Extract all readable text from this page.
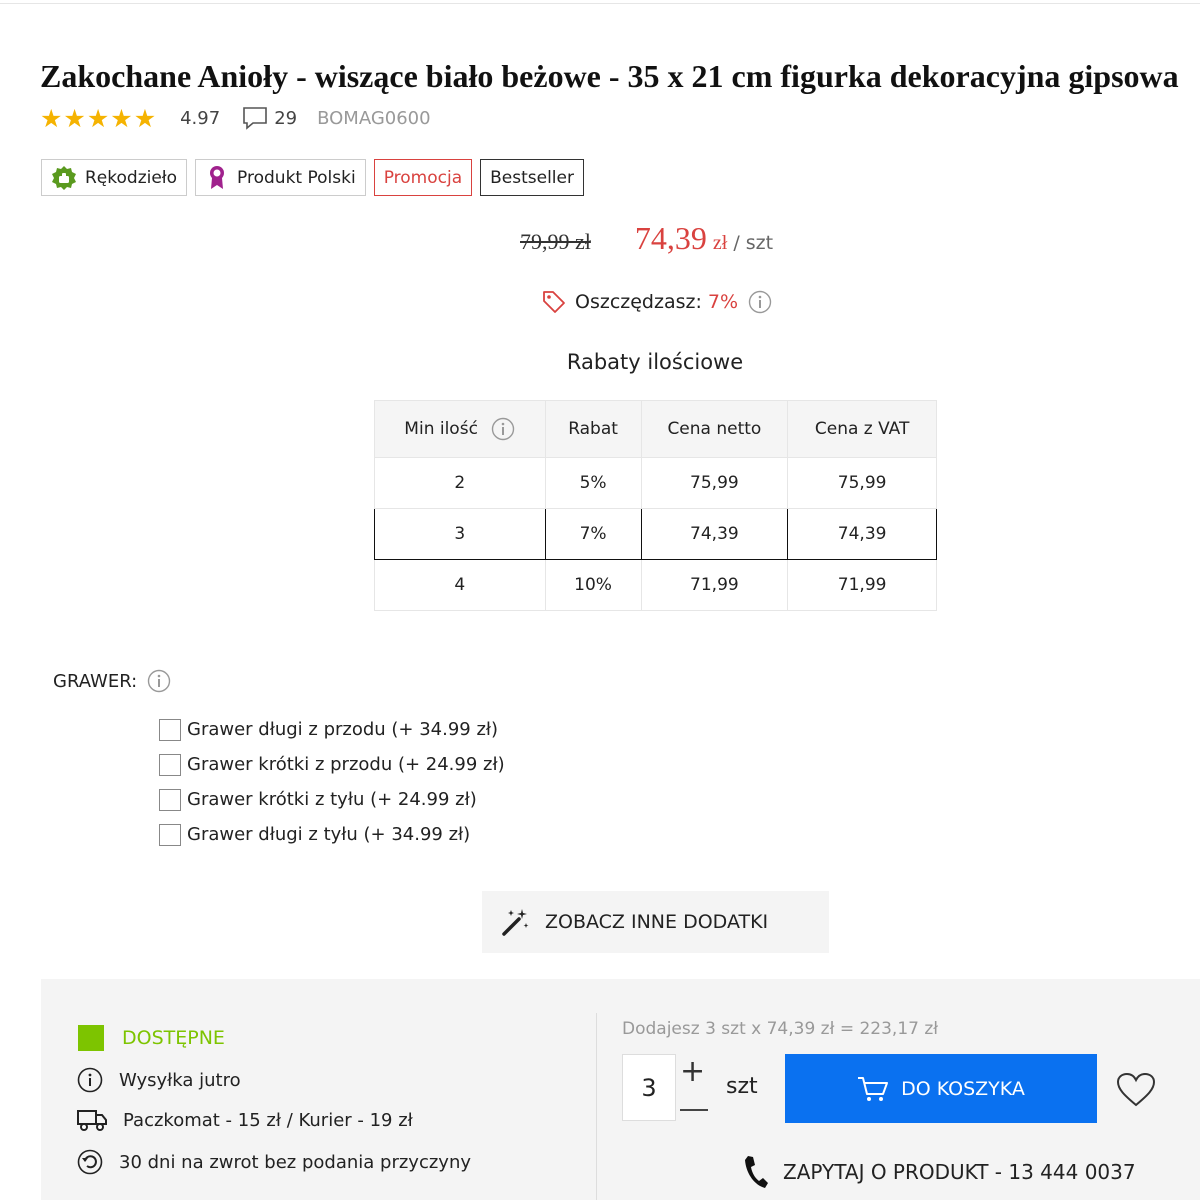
Zakochane Anioły - wiszące biało beżowe - 35 x 21 cm figurka dekoracyjna gipsowa
★ ★ ★ ★ ★ 4.97	29 BOMAG0600
Rękodzieło	Produkt Polski Promocja Bestseller
79,99 zł 74,39 zł / szt
Oszczędzasz: 7%
Rabaty ilościowe
Min ilość	Rabat	Cena netto	Cena z VAT
2	5%	75,99	75,99
3	7%	74,39	74,39
4	10%	71,99	71,99
GRAWER:
Grawer długi z przodu (+ 34.99 zł)
Grawer krótki z przodu (+ 24.99 zł)
Grawer krótki z tyłu (+ 24.99 zł)
Grawer długi z tyłu (+ 34.99 zł)
ZOBACZ INNE DODATKI
DOSTĘPNE
Wysyłka jutro
Paczkomat - 15 zł / Kurier - 19 zł
30 dni na zwrot bez podania przyczyny
Dodajesz 3 szt x 74,39 zł = 223,17 zł
3 + szt	DO KOSZYKA
ZAPYTAJ O PRODUKT - 13 444 0037
